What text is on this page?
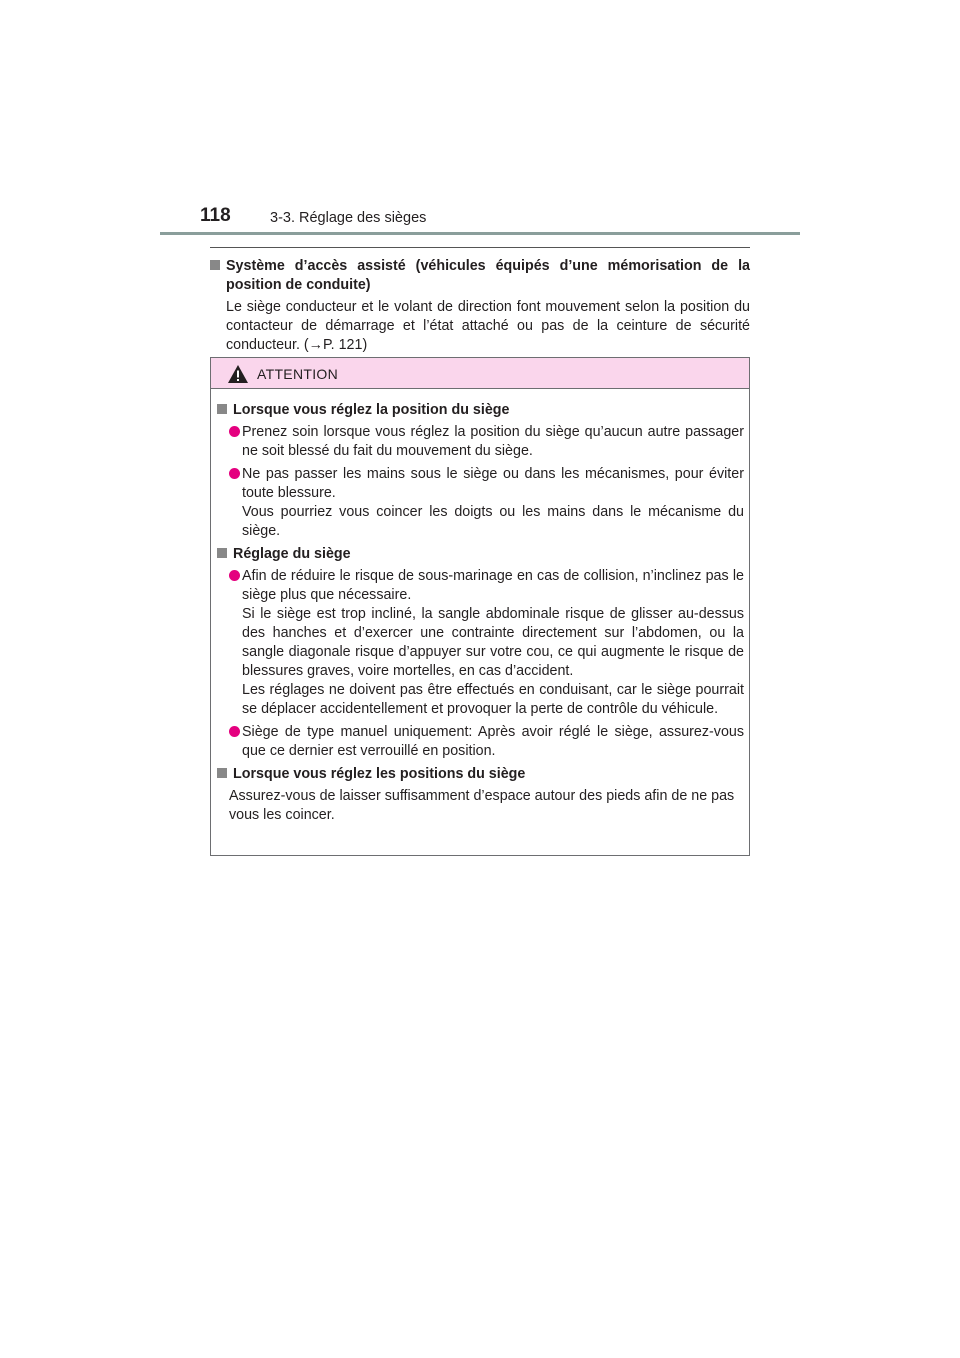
118	3-3. Réglage des sièges
Système d’accès assisté (véhicules équipés d’une mémorisation de la position de conduite)
Le siège conducteur et le volant de direction font mouvement selon la position du contacteur de démarrage et l’état attaché ou pas de la ceinture de sécurité conducteur. (→P. 121)
ATTENTION
Lorsque vous réglez la position du siège

Prenez soin lorsque vous réglez la position du siège qu’aucun autre passager ne soit blessé du fait du mouvement du siège.

Ne pas passer les mains sous le siège ou dans les mécanismes, pour éviter toute blessure.

Vous pourriez vous coincer les doigts ou les mains dans le mécanisme du siège.

Réglage du siège

Afin de réduire le risque de sous-marinage en cas de collision, n’inclinez pas le siège plus que nécessaire.

Si le siège est trop incliné, la sangle abdominale risque de glisser au-dessus des hanches et d’exercer une contrainte directement sur l’abdomen, ou la sangle diagonale risque d’appuyer sur votre cou, ce qui augmente le risque de blessures graves, voire mortelles, en cas d’accident.

Les réglages ne doivent pas être effectués en conduisant, car le siège pourrait se déplacer accidentellement et provoquer la perte de contrôle du véhicule.

Siège de type manuel uniquement: Après avoir réglé le siège, assurez-vous que ce dernier est verrouillé en position.

Lorsque vous réglez les positions du siège

Assurez-vous de laisser suffisamment d’espace autour des pieds afin de ne pas vous les coincer.
